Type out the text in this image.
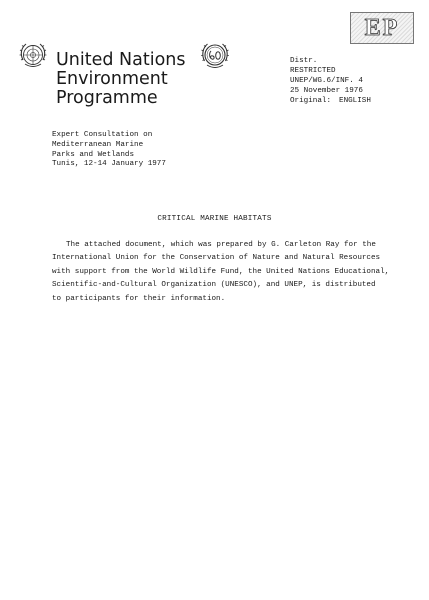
EP
United Nations
Environment
Programme
Distr.
RESTRICTED
UNEP/WG.6/INF. 4
25 November 1976
Original: ENGLISH
Expert Consultation on
Mediterranean Marine
Parks and Wetlands
Tunis, 12-14 January 1977
CRITICAL MARINE HABITATS
The attached document, which was prepared by G. Carleton Ray for the
International Union for the Conservation of Nature and Natural Resources
with support from the World Wildlife Fund, the United Nations Educational,
Scientific-and-Cultural Organization (UNESCO), and UNEP, is distributed
to participants for their information.
